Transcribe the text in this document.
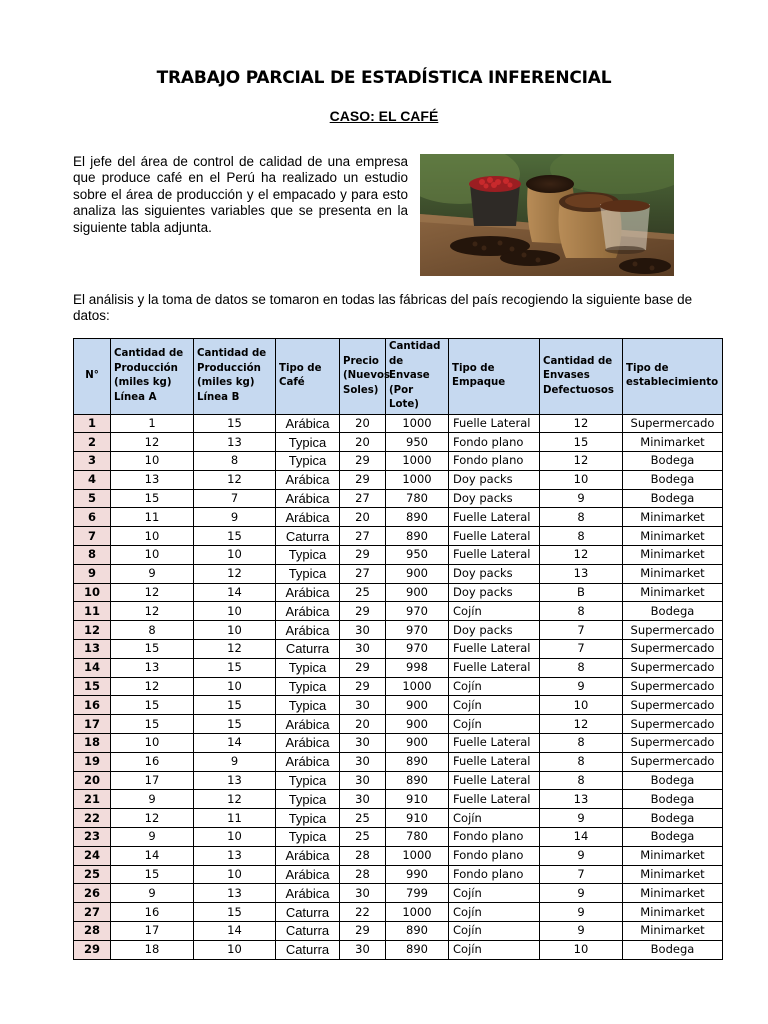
TRABAJO PARCIAL DE ESTADÍSTICA INFERENCIAL
CASO: EL CAFÉ
El jefe del área de control de calidad de una empresa que produce café en el Perú ha realizado un estudio sobre el área de producción y el empacado y para esto analiza las siguientes variables que se presenta en la siguiente tabla adjunta.
El análisis y la toma de datos se tomaron en todas las fábricas del país recogiendo la siguiente base de datos:
N°	Cantidad de Producción (miles kg) Línea A	Cantidad de Producción (miles kg) Línea B	Tipo de Café	Precio (Nuevos Soles)	Cantidad de Envase (Por Lote)	Tipo de Empaque	Cantidad de Envases Defectuosos	Tipo de establecimiento
1	1	15	Arábica	20	1000	Fuelle Lateral	12	Supermercado
2	12	13	Typica	20	950	Fondo plano	15	Minimarket
3	10	8	Typica	29	1000	Fondo plano	12	Bodega
4	13	12	Arábica	29	1000	Doy packs	10	Bodega
5	15	7	Arábica	27	780	Doy packs	9	Bodega
6	11	9	Arábica	20	890	Fuelle Lateral	8	Minimarket
7	10	15	Caturra	27	890	Fuelle Lateral	8	Minimarket
8	10	10	Typica	29	950	Fuelle Lateral	12	Minimarket
9	9	12	Typica	27	900	Doy packs	13	Minimarket
10	12	14	Arábica	25	900	Doy packs	B	Minimarket
11	12	10	Arábica	29	970	Cojín	8	Bodega
12	8	10	Arábica	30	970	Doy packs	7	Supermercado
13	15	12	Caturra	30	970	Fuelle Lateral	7	Supermercado
14	13	15	Typica	29	998	Fuelle Lateral	8	Supermercado
15	12	10	Typica	29	1000	Cojín	9	Supermercado
16	15	15	Typica	30	900	Cojín	10	Supermercado
17	15	15	Arábica	20	900	Cojín	12	Supermercado
18	10	14	Arábica	30	900	Fuelle Lateral	8	Supermercado
19	16	9	Arábica	30	890	Fuelle Lateral	8	Supermercado
20	17	13	Typica	30	890	Fuelle Lateral	8	Bodega
21	9	12	Typica	30	910	Fuelle Lateral	13	Bodega
22	12	11	Typica	25	910	Cojín	9	Bodega
23	9	10	Typica	25	780	Fondo plano	14	Bodega
24	14	13	Arábica	28	1000	Fondo plano	9	Minimarket
25	15	10	Arábica	28	990	Fondo plano	7	Minimarket
26	9	13	Arábica	30	799	Cojín	9	Minimarket
27	16	15	Caturra	22	1000	Cojín	9	Minimarket
28	17	14	Caturra	29	890	Cojín	9	Minimarket
29	18	10	Caturra	30	890	Cojín	10	Bodega
